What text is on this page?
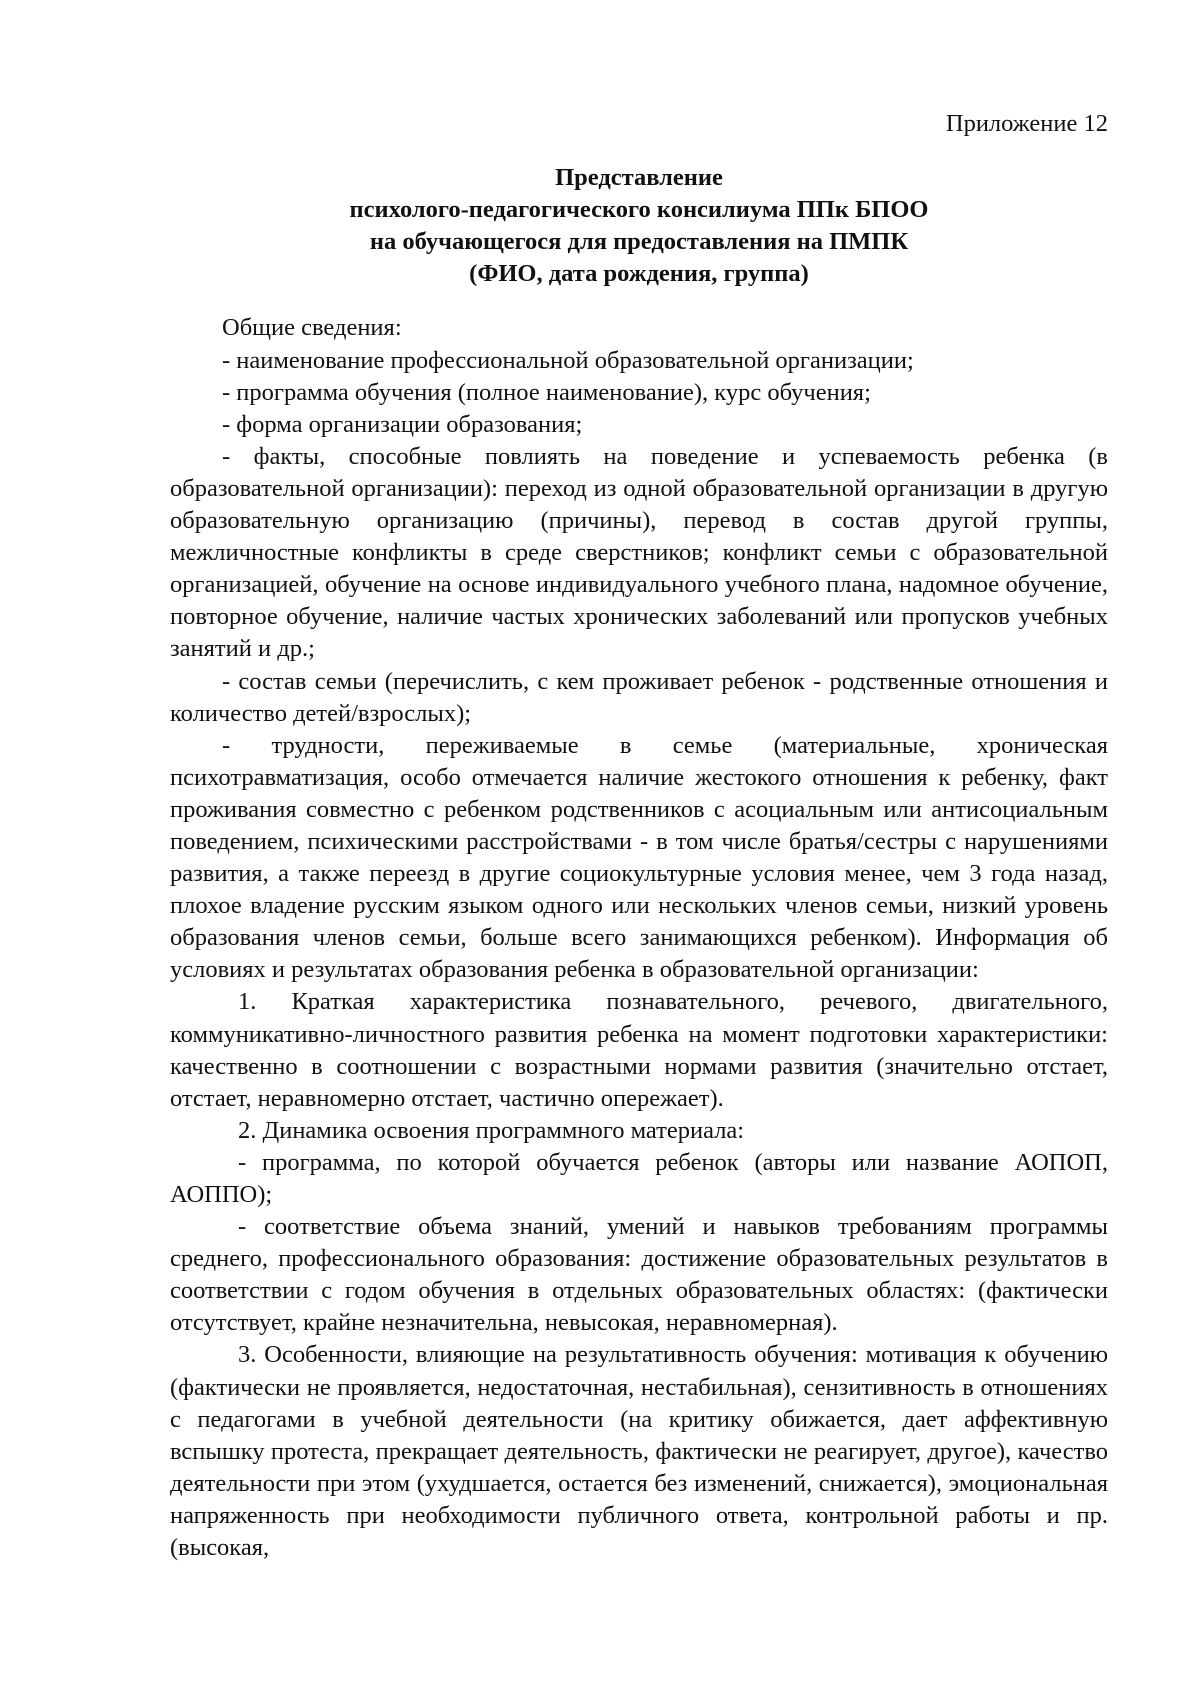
Приложение 12
Представление
психолого-педагогического консилиума ППк БПОО
на обучающегося для предоставления на ПМПК
(ФИО, дата рождения, группа)
Общие сведения:
- наименование профессиональной образовательной организации;
- программа обучения (полное наименование), курс обучения;
- форма организации образования;
- факты, способные повлиять на поведение и успеваемость ребенка (в образовательной организации): переход из одной образовательной организации в другую образовательную организацию (причины), перевод в состав другой группы, межличностные конфликты в среде сверстников; конфликт семьи с образовательной организацией, обучение на основе индивидуального учебного плана, надомное обучение, повторное обучение, наличие частых хронических заболеваний или пропусков учебных занятий и др.;
- состав семьи (перечислить, с кем проживает ребенок - родственные отношения и количество детей/взрослых);
- трудности, переживаемые в семье (материальные, хроническая психотравматизация, особо отмечается наличие жестокого отношения к ребенку, факт проживания совместно с ребенком родственников с асоциальным или антисоциальным поведением, психическими расстройствами - в том числе братья/сестры с нарушениями развития, а также переезд в другие социокультурные условия менее, чем 3 года назад, плохое владение русским языком одного или нескольких членов семьи, низкий уровень образования членов семьи, больше всего занимающихся ребенком). Информация об условиях и результатах образования ребенка в образовательной организации:
1. Краткая характеристика познавательного, речевого, двигательного, коммуникативно-личностного развития ребенка на момент подготовки характеристики: качественно в соотношении с возрастными нормами развития (значительно отстает, отстает, неравномерно отстает, частично опережает).
2. Динамика освоения программного материала:
- программа, по которой обучается ребенок (авторы или название АОПОП, АОППО);
- соответствие объема знаний, умений и навыков требованиям программы среднего, профессионального образования: достижение образовательных результатов в соответствии с годом обучения в отдельных образовательных областях: (фактически отсутствует, крайне незначительна, невысокая, неравномерная).
3. Особенности, влияющие на результативность обучения: мотивация к обучению (фактически не проявляется, недостаточная, нестабильная), сензитивность в отношениях с педагогами в учебной деятельности (на критику обижается, дает аффективную вспышку протеста, прекращает деятельность, фактически не реагирует, другое), качество деятельности при этом (ухудшается, остается без изменений, снижается), эмоциональная напряженность при необходимости публичного ответа, контрольной работы и пр. (высокая,
